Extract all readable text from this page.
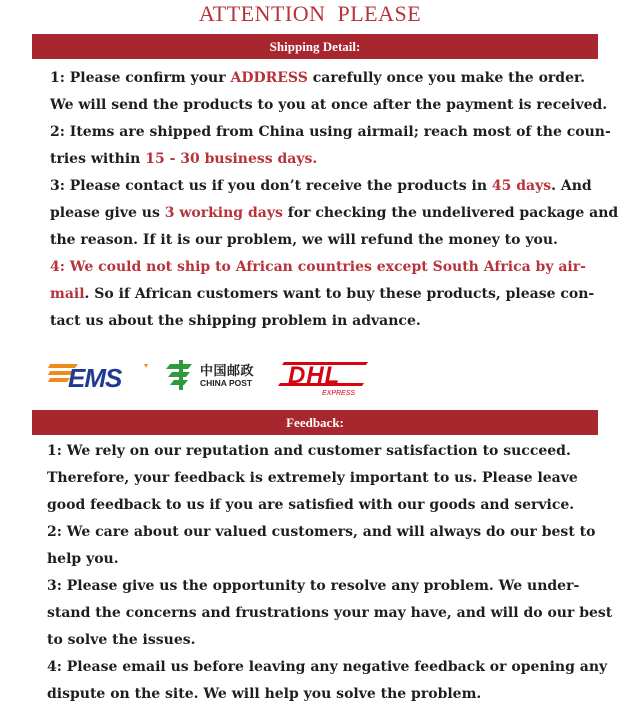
ATTENTION  PLEASE
Shipping Detail:
1: Please confirm your ADDRESS carefully once you make the order.
We will send the products to you at once after the payment is received.
2: Items are shipped from China using airmail; reach most of the coun-
tries within 15 - 30 business days.
3: Please contact us if you don’t receive the products in 45 days. And
please give us 3 working days for checking the undelivered package and
the reason. If it is our problem, we will refund the money to you.
4: We could not ship to African countries except South Africa by air-
mail. So if African customers want to buy these products, please con-
tact us about the shipping problem in advance.
EMS	中国邮政
CHINA POST DHL
EXPRESS
Feedback:
1: We rely on our reputation and customer satisfaction to succeed.
Therefore, your feedback is extremely important to us. Please leave
good feedback to us if you are satisfied with our goods and service.
2: We care about our valued customers, and will always do our best to
help you.
3: Please give us the opportunity to resolve any problem. We under-
stand the concerns and frustrations your may have, and will do our best
to solve the issues.
4: Please email us before leaving any negative feedback or opening any
dispute on the site. We will help you solve the problem.
